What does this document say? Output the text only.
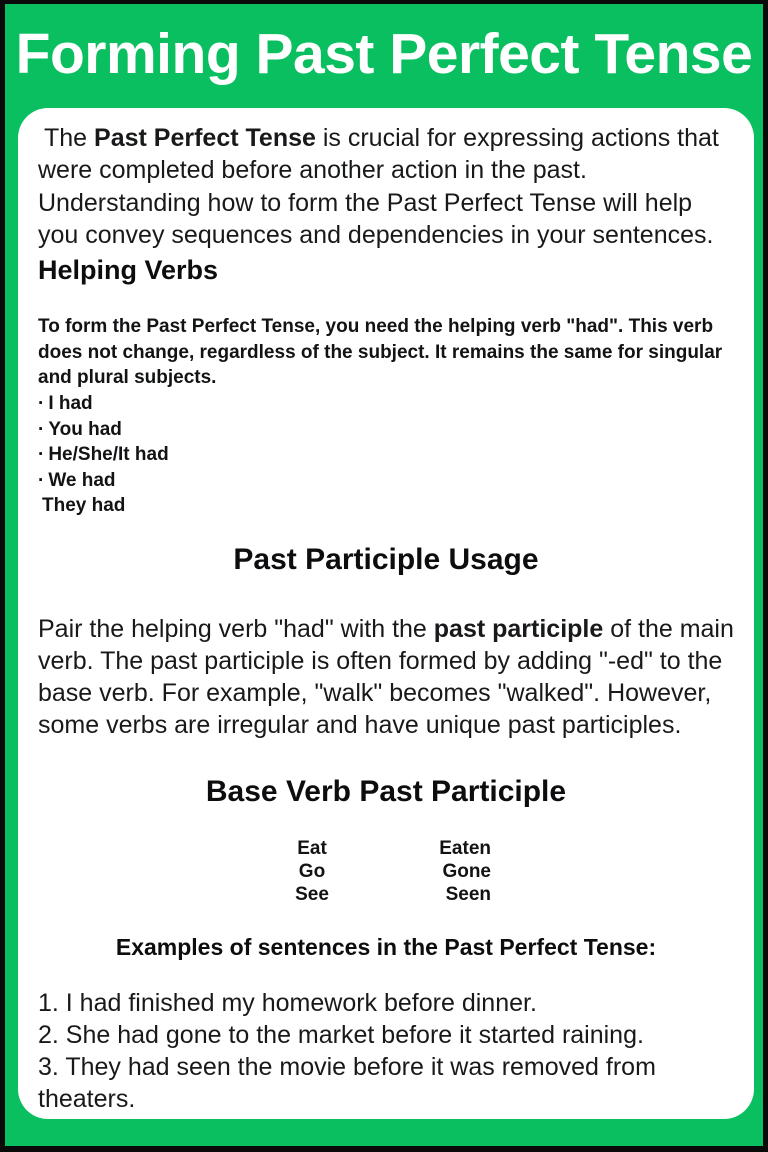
Forming Past Perfect Tense

The Past Perfect Tense is crucial for expressing actions that were completed before another action in the past. Understanding how to form the Past Perfect Tense will help you convey sequences and dependencies in your sentences.

Helping Verbs

To form the Past Perfect Tense, you need the helping verb "had". This verb does not change, regardless of the subject. It remains the same for singular and plural subjects.

· I had
· You had
· He/She/It had
· We had
They had
Past Participle Usage

Pair the helping verb "had" with the past participle of the main verb. The past participle is often formed by adding "-ed" to the base verb. For example, "walk" becomes "walked". However, some verbs are irregular and have unique past participles.

Base Verb Past Participle
Eat
Go
See
Eaten
Gone
Seen
Examples of sentences in the Past Perfect Tense:
1. I had finished my homework before dinner.
2. She had gone to the market before it started raining.
3. They had seen the movie before it was removed from theaters.
